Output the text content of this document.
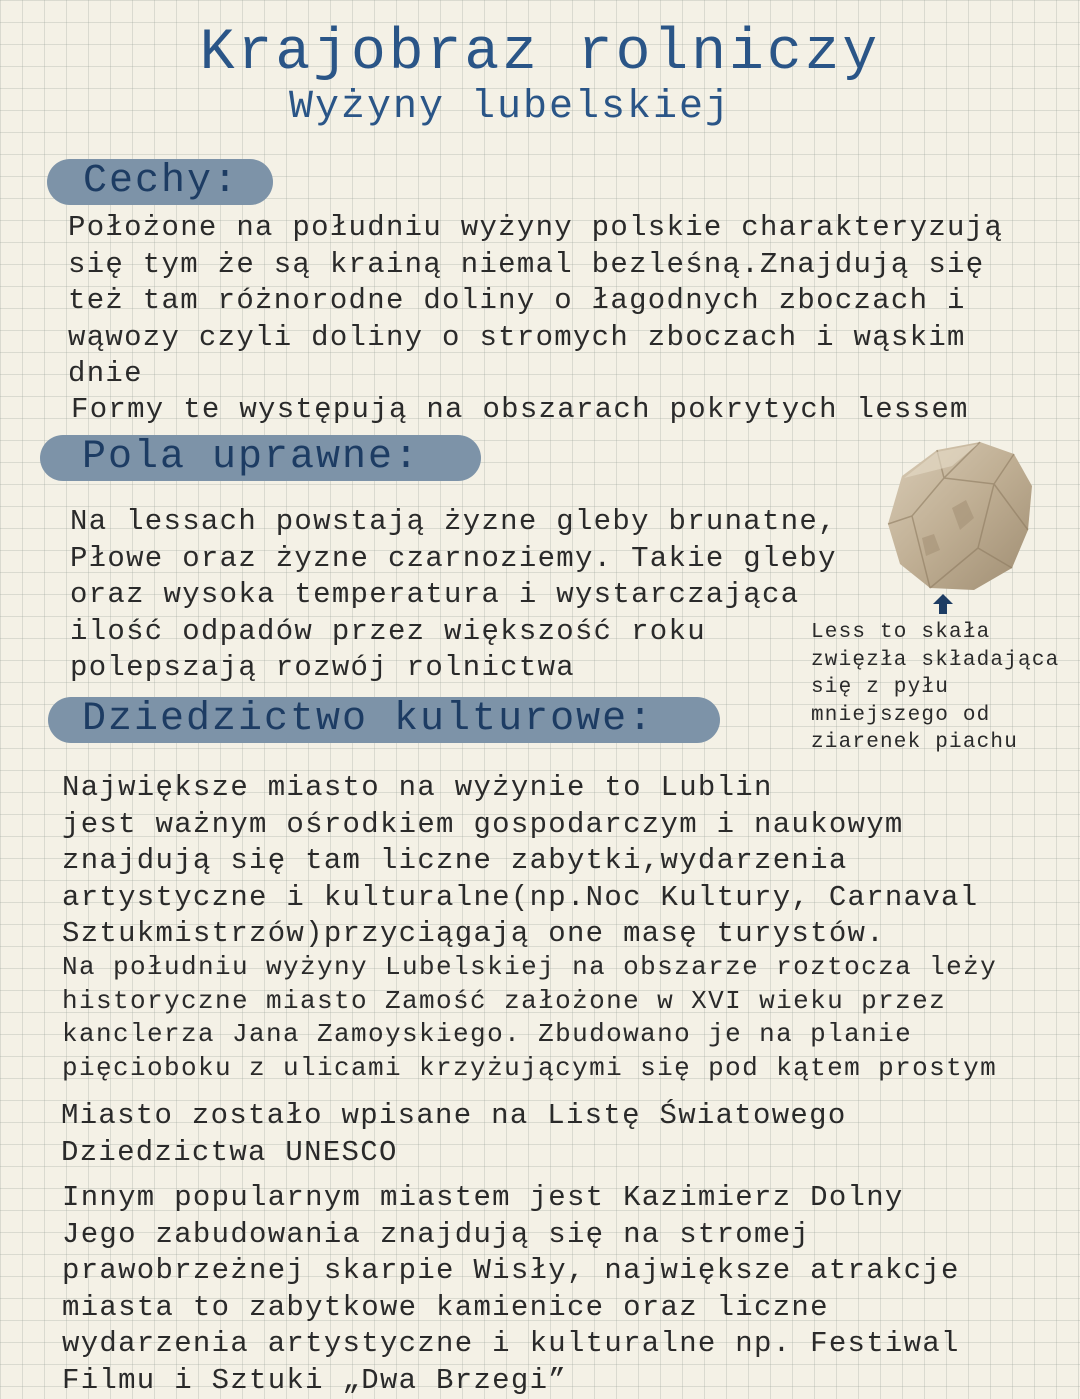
Krajobraz rolniczy
Wyżyny lubelskiej
Cechy:
Położone na południu wyżyny polskie charakteryzują
się tym że są krainą niemal bezleśną.Znajdują się
też tam różnorodne doliny o łagodnych zboczach i
wąwozy czyli doliny o stromych zboczach i wąskim
dnie
Formy te występują na obszarach pokrytych lessem
Pola uprawne:
Na lessach powstają żyzne gleby brunatne,
Płowe oraz żyzne czarnoziemy. Takie gleby
oraz wysoka temperatura i wystarczająca
ilość odpadów przez większość roku
polepszają rozwój rolnictwa
Less to skała
zwięzła składająca
się z pyłu
mniejszego od
ziarenek piachu
Dziedzictwo kulturowe:
Największe miasto na wyżynie to Lublin
jest ważnym ośrodkiem gospodarczym i naukowym
znajdują się tam liczne zabytki,wydarzenia
artystyczne i kulturalne(np.Noc Kultury, Carnaval
Sztukmistrzów)przyciągają one masę turystów.
Na południu wyżyny Lubelskiej na obszarze roztocza leży
historyczne miasto Zamość założone w XVI wieku przez
kanclerza Jana Zamoyskiego. Zbudowano je na planie
pięcioboku z ulicami krzyżującymi się pod kątem prostym
Miasto zostało wpisane na Listę Światowego
Dziedzictwa UNESCO
Innym popularnym miastem jest Kazimierz Dolny
Jego zabudowania znajdują się na stromej
prawobrzeżnej skarpie Wisły, największe atrakcje
miasta to zabytkowe kamienice oraz liczne
wydarzenia artystyczne i kulturalne np. Festiwal
Filmu i Sztuki „Dwa Brzegi”
